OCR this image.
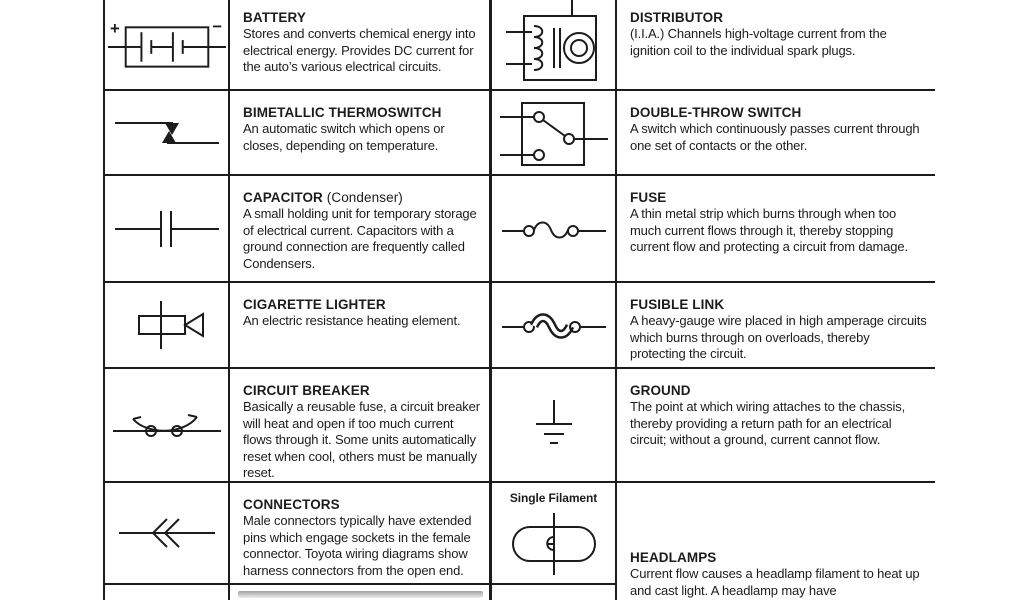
+	− BATTERY

Stores and converts chemical energy into electrical energy. Provides DC current for the auto’s various electrical circuits.

DISTRIBUTOR

(I.I.A.) Channels high-voltage current from the ignition coil to the individual spark plugs.

BIMETALLIC THERMOSWITCH

An automatic switch which opens or closes, depending on temperature.

DOUBLE-THROW SWITCH

A switch which continuously passes current through one set of contacts or the other.

CAPACITOR (Condenser)

A small holding unit for temporary storage of electrical current. Capacitors with a ground connection are frequently called Condensers.

FUSE

A thin metal strip which burns through when too much current flows through it, thereby stopping current flow and protecting a circuit from damage.

CIGARETTE LIGHTER

An electric resistance heating element.

FUSIBLE LINK

A heavy-gauge wire placed in high amperage circuits which burns through on overloads, thereby protecting the circuit.

CIRCUIT BREAKER

Basically a reusable fuse, a circuit breaker will heat and open if too much current flows through it. Some units automatically reset when cool, others must be manually reset.

GROUND

The point at which wiring attaches to the chassis, thereby providing a return path for an electrical circuit; without a ground, current cannot flow.

CONNECTORS

Male connectors typically have extended pins which engage sockets in the female connector. Toyota wiring diagrams show harness connectors from the open end.

Single Filament
HEADLAMPS

Current flow causes a headlamp filament to heat up and cast light. A headlamp may have
